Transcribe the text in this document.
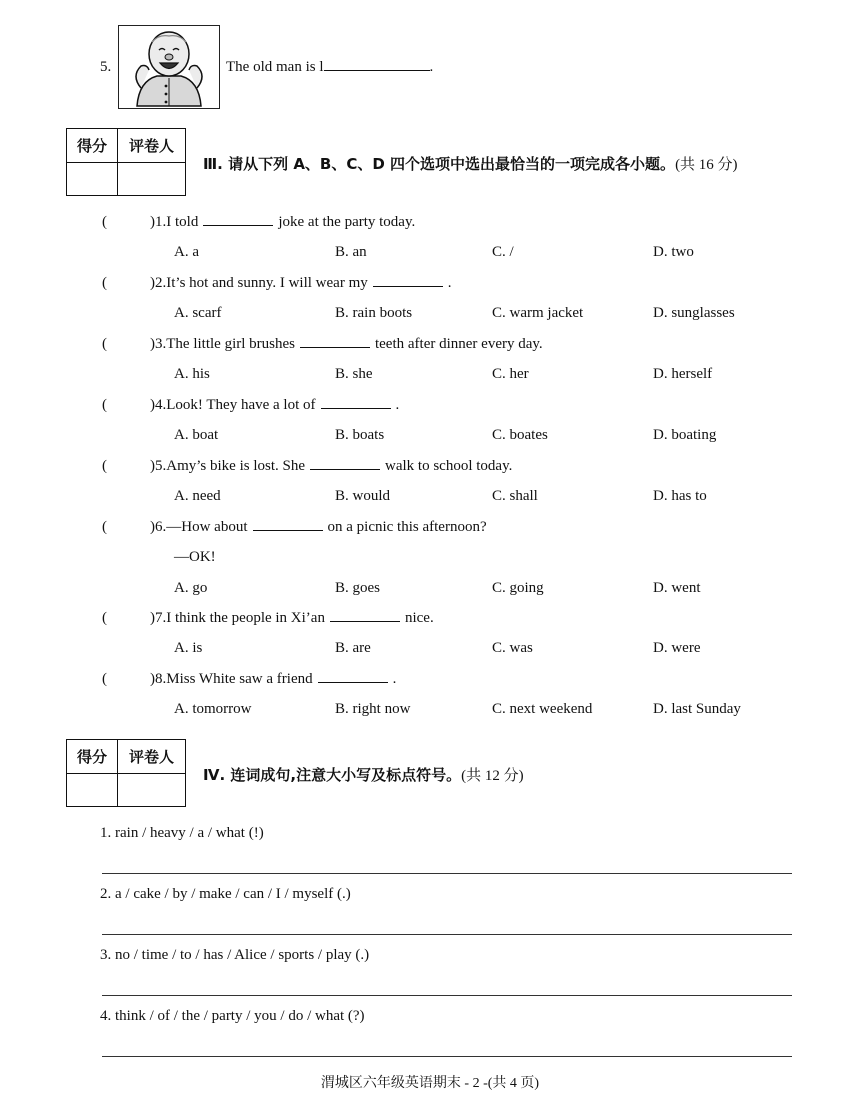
5.	The old man is l	.
得分	评卷人
Ⅲ. 请从下列 A、B、C、D 四个选项中选出最恰当的一项完成各小题。(共 16 分)
(	)1.I told	joke at the party today.
A. a	B. an	C. /	D. two
(	)2.It’s hot and sunny. I will wear my	.
A. scarf	B. rain boots	C. warm jacket	D. sunglasses
(	)3.The little girl brushes	teeth after dinner every day.
A. his	B. she	C. her	D. herself
(	)4.Look! They have a lot of	.
A. boat	B. boats	C. boates	D. boating
(	)5.Amy’s bike is lost. She	walk to school today.
A. need	B. would	C. shall	D. has to
(	)6.—How about	on a picnic this afternoon?
—OK!
A. go	B. goes	C. going	D. went
(	)7.I think the people in Xi’an	nice.
A. is	B. are	C. was	D. were
(	)8.Miss White saw a friend	.
A. tomorrow	B. right now	C. next weekend	D. last Sunday
得分	评卷人
Ⅳ. 连词成句,注意大小写及标点符号。(共 12 分)
1. rain / heavy / a / what (!)
2. a / cake / by / make / can / I / myself (.)
3. no / time / to / has / Alice / sports / play (.)
4. think / of / the / party / you / do / what (?)
渭城区六年级英语期末 - 2 -(共 4 页)
